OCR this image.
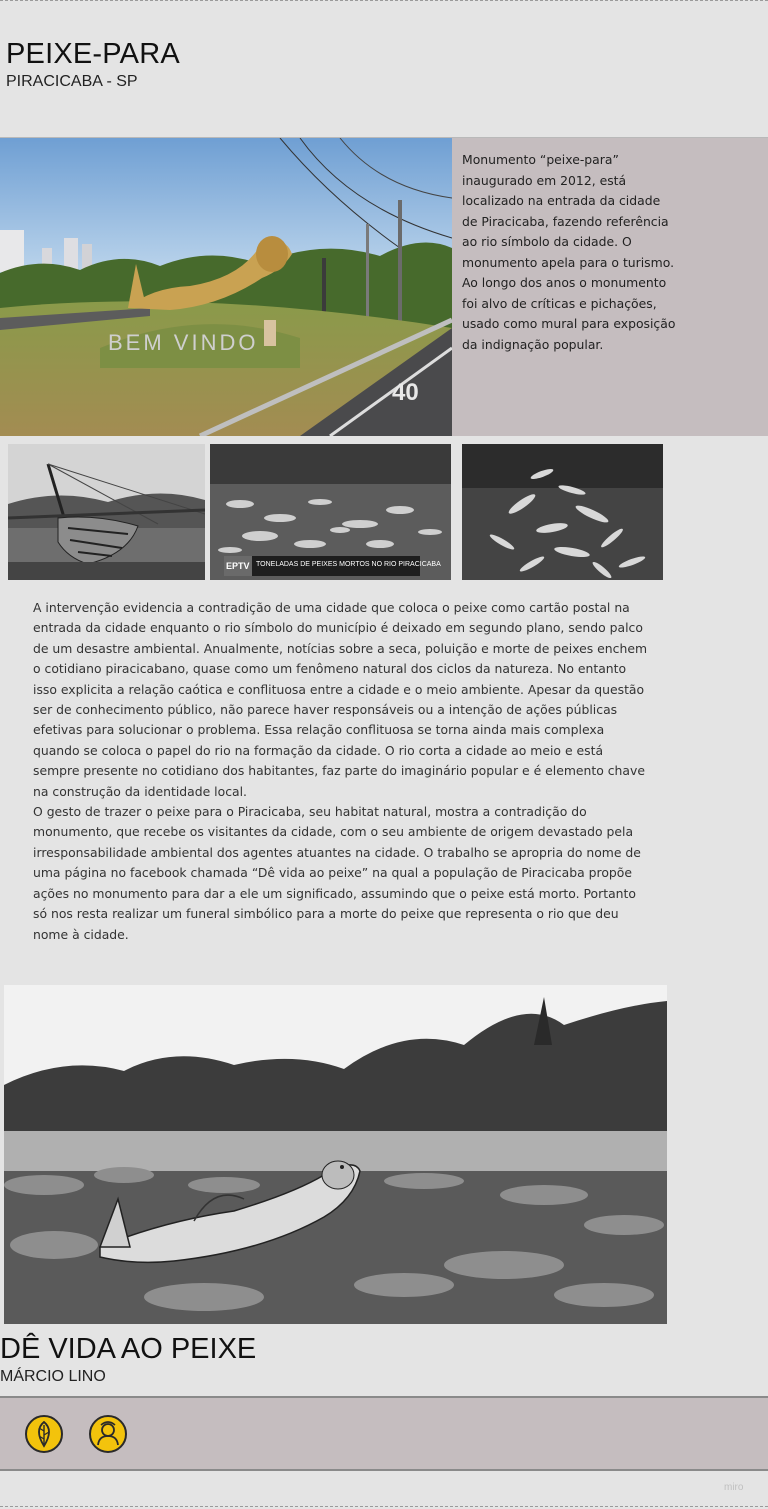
PEIXE-PARA
PIRACICABA - SP
BEM VINDO
40
Monumento “peixe-para” inaugurado em 2012, está localizado na entrada da cidade de Piracicaba, fazendo referência ao rio símbolo da cidade. O monumento apela para o turismo. Ao longo dos anos o monumento foi alvo de críticas e pichações, usado como mural para exposição da indignação popular.
EPTV TONELADAS DE PEIXES MORTOS NO RIO PIRACICABA

A intervenção evidencia a contradição de uma cidade que coloca o peixe como cartão postal na entrada da cidade enquanto o rio símbolo do município é deixado em segundo plano, sendo palco de um desastre ambiental. Anualmente, notícias sobre a seca, poluição e morte de peixes enchem o cotidiano piracicabano, quase como um fenômeno natural dos ciclos da natureza. No entanto isso explicita a relação caótica e conflituosa entre a cidade e o meio ambiente. Apesar da questão ser de conhecimento público, não parece haver responsáveis ou a intenção de ações públicas efetivas para solucionar o problema. Essa relação conflituosa se torna ainda mais complexa quando se coloca o papel do rio na formação da cidade. O rio corta a cidade ao meio e está sempre presente no cotidiano dos habitantes, faz parte do imaginário popular e é elemento chave na construção da identidade local.

O gesto de trazer o peixe para o Piracicaba, seu habitat natural, mostra a contradição do monumento, que recebe os visitantes da cidade, com o seu ambiente de origem devastado pela irresponsabilidade ambiental dos agentes atuantes na cidade. O trabalho se apropria do nome de uma página no facebook chamada “Dê vida ao peixe” na qual a população de Piracicaba propõe ações no monumento para dar a ele um significado, assumindo que o peixe está morto. Portanto só nos resta realizar um funeral simbólico para a morte do peixe que representa o rio que deu nome à cidade.

DÊ VIDA AO PEIXE
MÁRCIO LINO
miro
